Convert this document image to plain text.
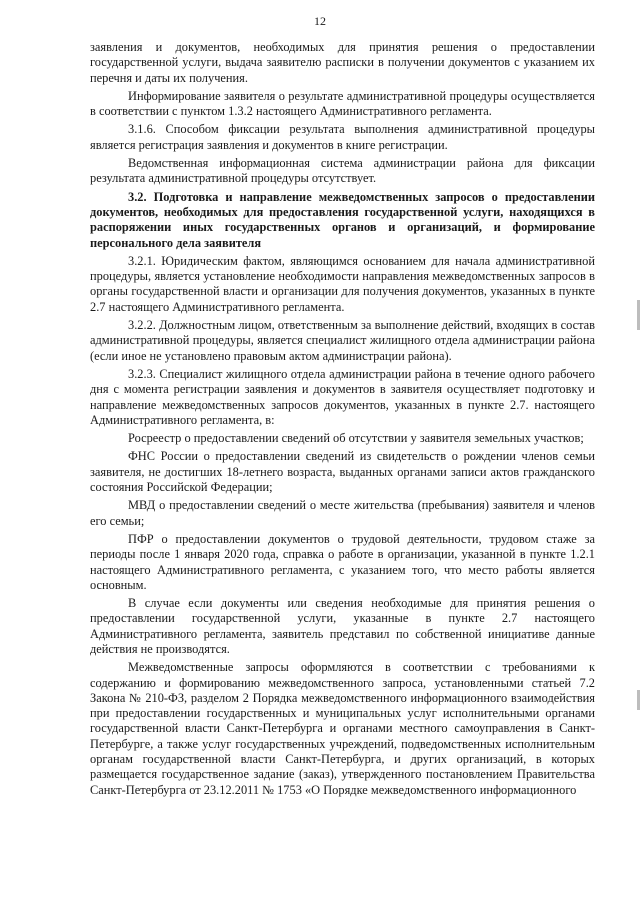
12

заявления и документов, необходимых для принятия решения о предоставлении государственной услуги, выдача заявителю расписки в получении документов с указанием их перечня и даты их получения.

Информирование заявителя о результате административной процедуры осуществляется в соответствии с пунктом 1.3.2 настоящего Административного регламента.

3.1.6. Способом фиксации результата выполнения административной процедуры является регистрация заявления и документов в книге регистрации.

Ведомственная информационная система администрации района для фиксации результата административной процедуры отсутствует.

3.2. Подготовка и направление межведомственных запросов о предоставлении документов, необходимых для предоставления государственной услуги, находящихся в распоряжении иных государственных органов и организаций, и формирование персонального дела заявителя

3.2.1. Юридическим фактом, являющимся основанием для начала административной процедуры, является установление необходимости направления межведомственных запросов в органы государственной власти и организации для получения документов, указанных в пункте 2.7 настоящего Административного регламента.

3.2.2. Должностным лицом, ответственным за выполнение действий, входящих в состав административной процедуры, является специалист жилищного отдела администрации района (если иное не установлено правовым актом администрации района).

3.2.3. Специалист жилищного отдела администрации района в течение одного рабочего дня с момента регистрации заявления и документов в заявителя осуществляет подготовку и направление межведомственных запросов документов, указанных в пункте 2.7. настоящего Административного регламента, в:

Росреестр о предоставлении сведений об отсутствии у заявителя земельных участков;

ФНС России о предоставлении сведений из свидетельств о рождении членов семьи заявителя, не достигших 18-летнего возраста, выданных органами записи актов гражданского состояния Российской Федерации;

МВД о предоставлении сведений о месте жительства (пребывания) заявителя и членов его семьи;

ПФР о предоставлении документов о трудовой деятельности, трудовом стаже за периоды после 1 января 2020 года, справка о работе в организации, указанной в пункте 1.2.1 настоящего Административного регламента, с указанием того, что место работы является основным.

В случае если документы или сведения необходимые для принятия решения о предоставлении государственной услуги, указанные в пункте 2.7 настоящего Административного регламента, заявитель представил по собственной инициативе данные действия не производятся.

Межведомственные запросы оформляются в соответствии с требованиями к содержанию и формированию межведомственного запроса, установленными статьей 7.2 Закона № 210-ФЗ, разделом 2 Порядка межведомственного информационного взаимодействия при предоставлении государственных и муниципальных услуг исполнительными органами государственной власти Санкт-Петербурга и органами местного самоуправления в Санкт-Петербурге, а также услуг государственных учреждений, подведомственных исполнительным органам государственной власти Санкт-Петербурга, и других организаций, в которых размещается государственное задание (заказ), утвержденного постановлением Правительства Санкт-Петербурга от 23.12.2011 № 1753 «О Порядке межведомственного информационного
